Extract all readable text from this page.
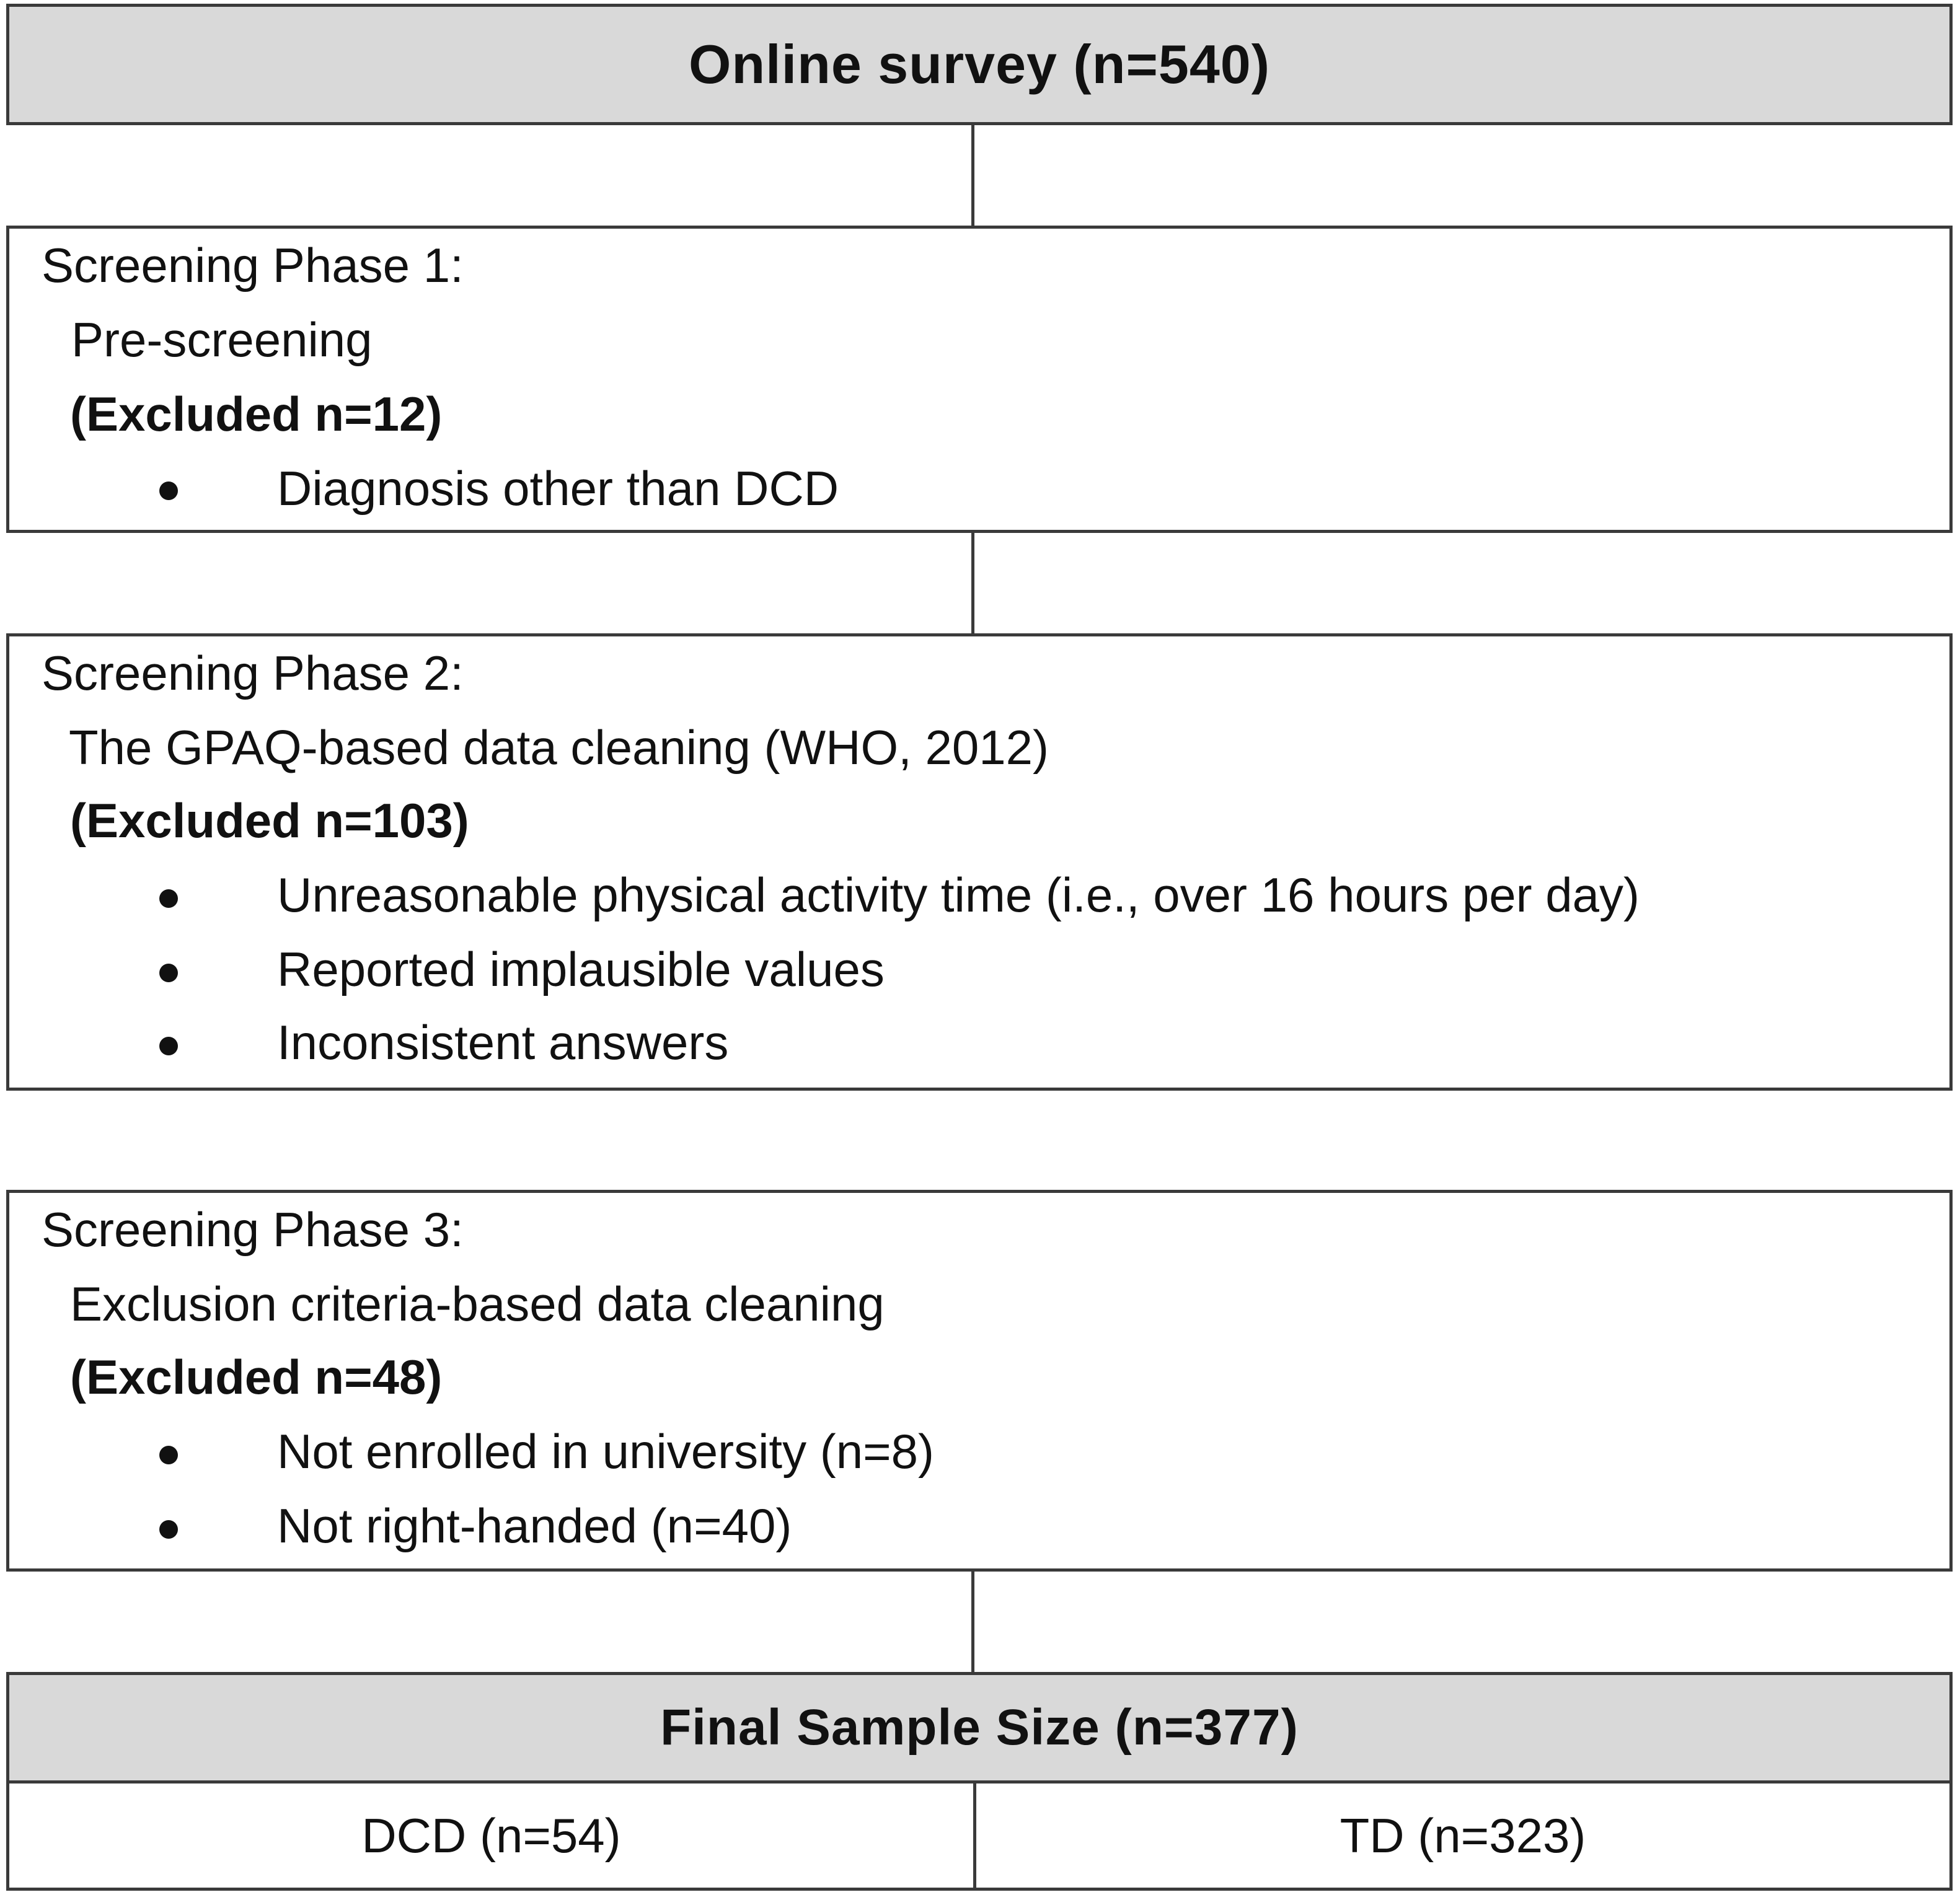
Online survey (n=540)
Screening Phase 1:
Pre-screening
(Excluded n=12)
Diagnosis other than DCD
Screening Phase 2:
The GPAQ-based data cleaning (WHO, 2012)
(Excluded n=103)
Unreasonable physical activity time (i.e., over 16 hours per day)
Reported implausible values
Inconsistent answers
Screening Phase 3:
Exclusion criteria-based data cleaning
(Excluded n=48)
Not enrolled in university (n=8)
Not right-handed (n=40)
Final Sample Size (n=377)
DCD (n=54)	TD (n=323)
